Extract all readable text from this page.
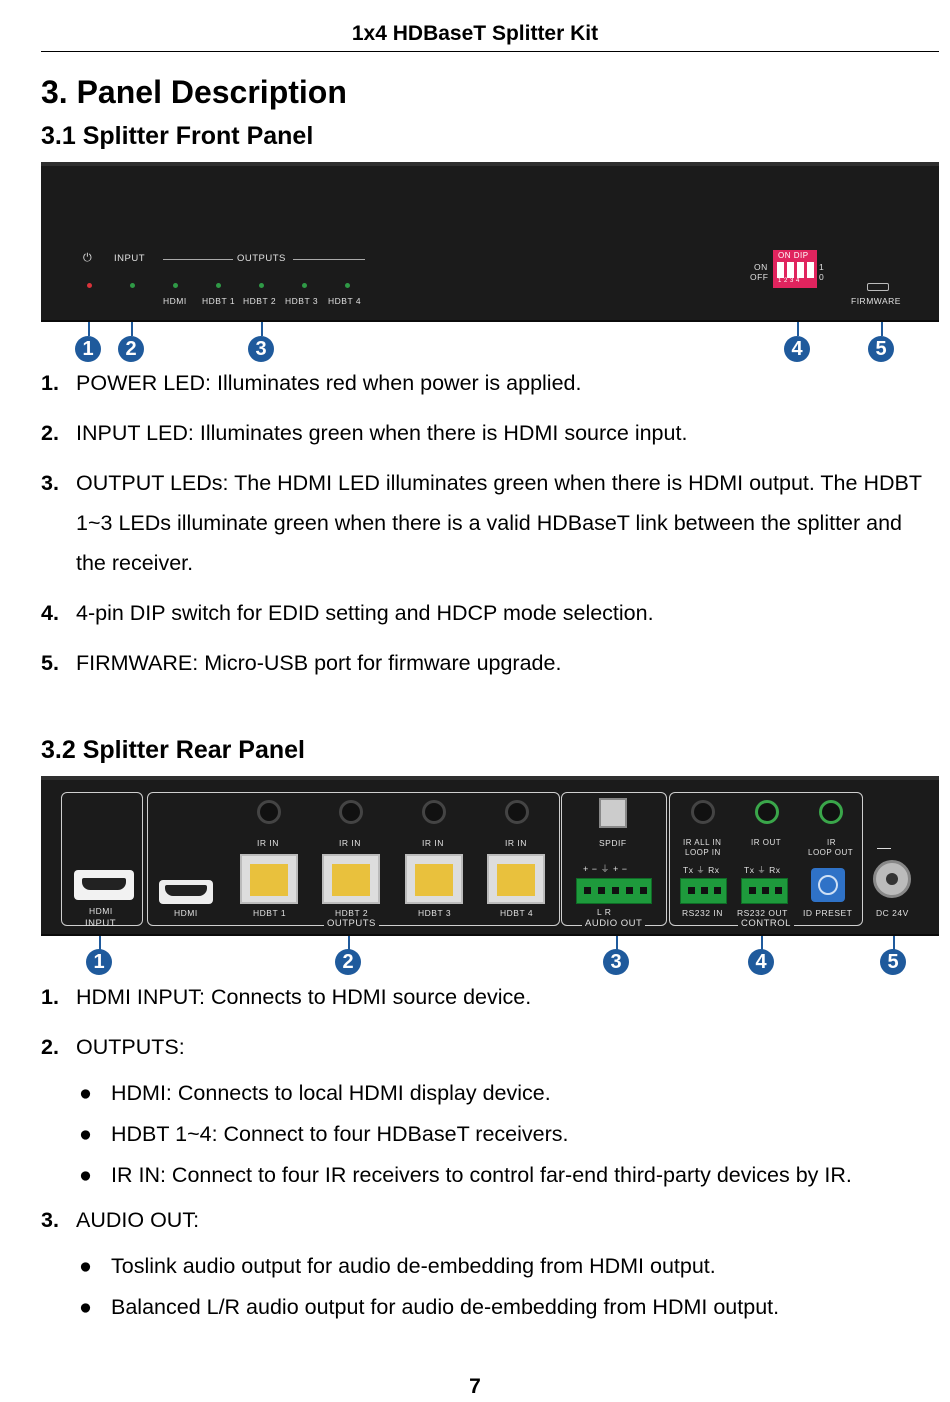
1x4 HDBaseT Splitter Kit
3. Panel Description
3.1 Splitter Front Panel
⏻ INPUT	OUTPUTS
HDMI HDBT 1 HDBT 2 HDBT 3 HDBT 4
ON
OFF
ON DIP
1 2 3 4
1
0
FIRMWARE
1	2	3	4	5

1. POWER LED: Illuminates red when power is applied.

2. INPUT LED: Illuminates green when there is HDMI source input.

3. OUTPUT LEDs: The HDMI LED illuminates green when there is HDMI output. The HDBT 1~3 LEDs illuminate green when there is a valid HDBaseT link between the splitter and the receiver.

4. 4-pin DIP switch for EDID setting and HDCP mode selection.

5. FIRMWARE: Micro-USB port for firmware upgrade.

3.2 Splitter Rear Panel
HDMI
INPUT
HDMI
IR IN
HDBT 1
IR IN
HDBT 2
IR IN
HDBT 3
IR IN
HDBT 4
OUTPUTS
SPDIF
+ − ⏚ + −
L R
AUDIO OUT
IR ALL IN
LOOP IN
IR OUT	IR
LOOP OUT
Tx ⏚ Rx	Tx ⏚ Rx
RS232 IN RS232 OUT ID PRESET
CONTROL
DC 24V
1	2	3	4	5

1. HDMI INPUT: Connects to HDMI source device.

2. OUTPUTS:

● HDMI: Connects to local HDMI display device.

● HDBT 1~4: Connect to four HDBaseT receivers.

● IR IN: Connect to four IR receivers to control far-end third-party devices by IR.

3. AUDIO OUT:

● Toslink audio output for audio de-embedding from HDMI output.

● Balanced L/R audio output for audio de-embedding from HDMI output.

7
